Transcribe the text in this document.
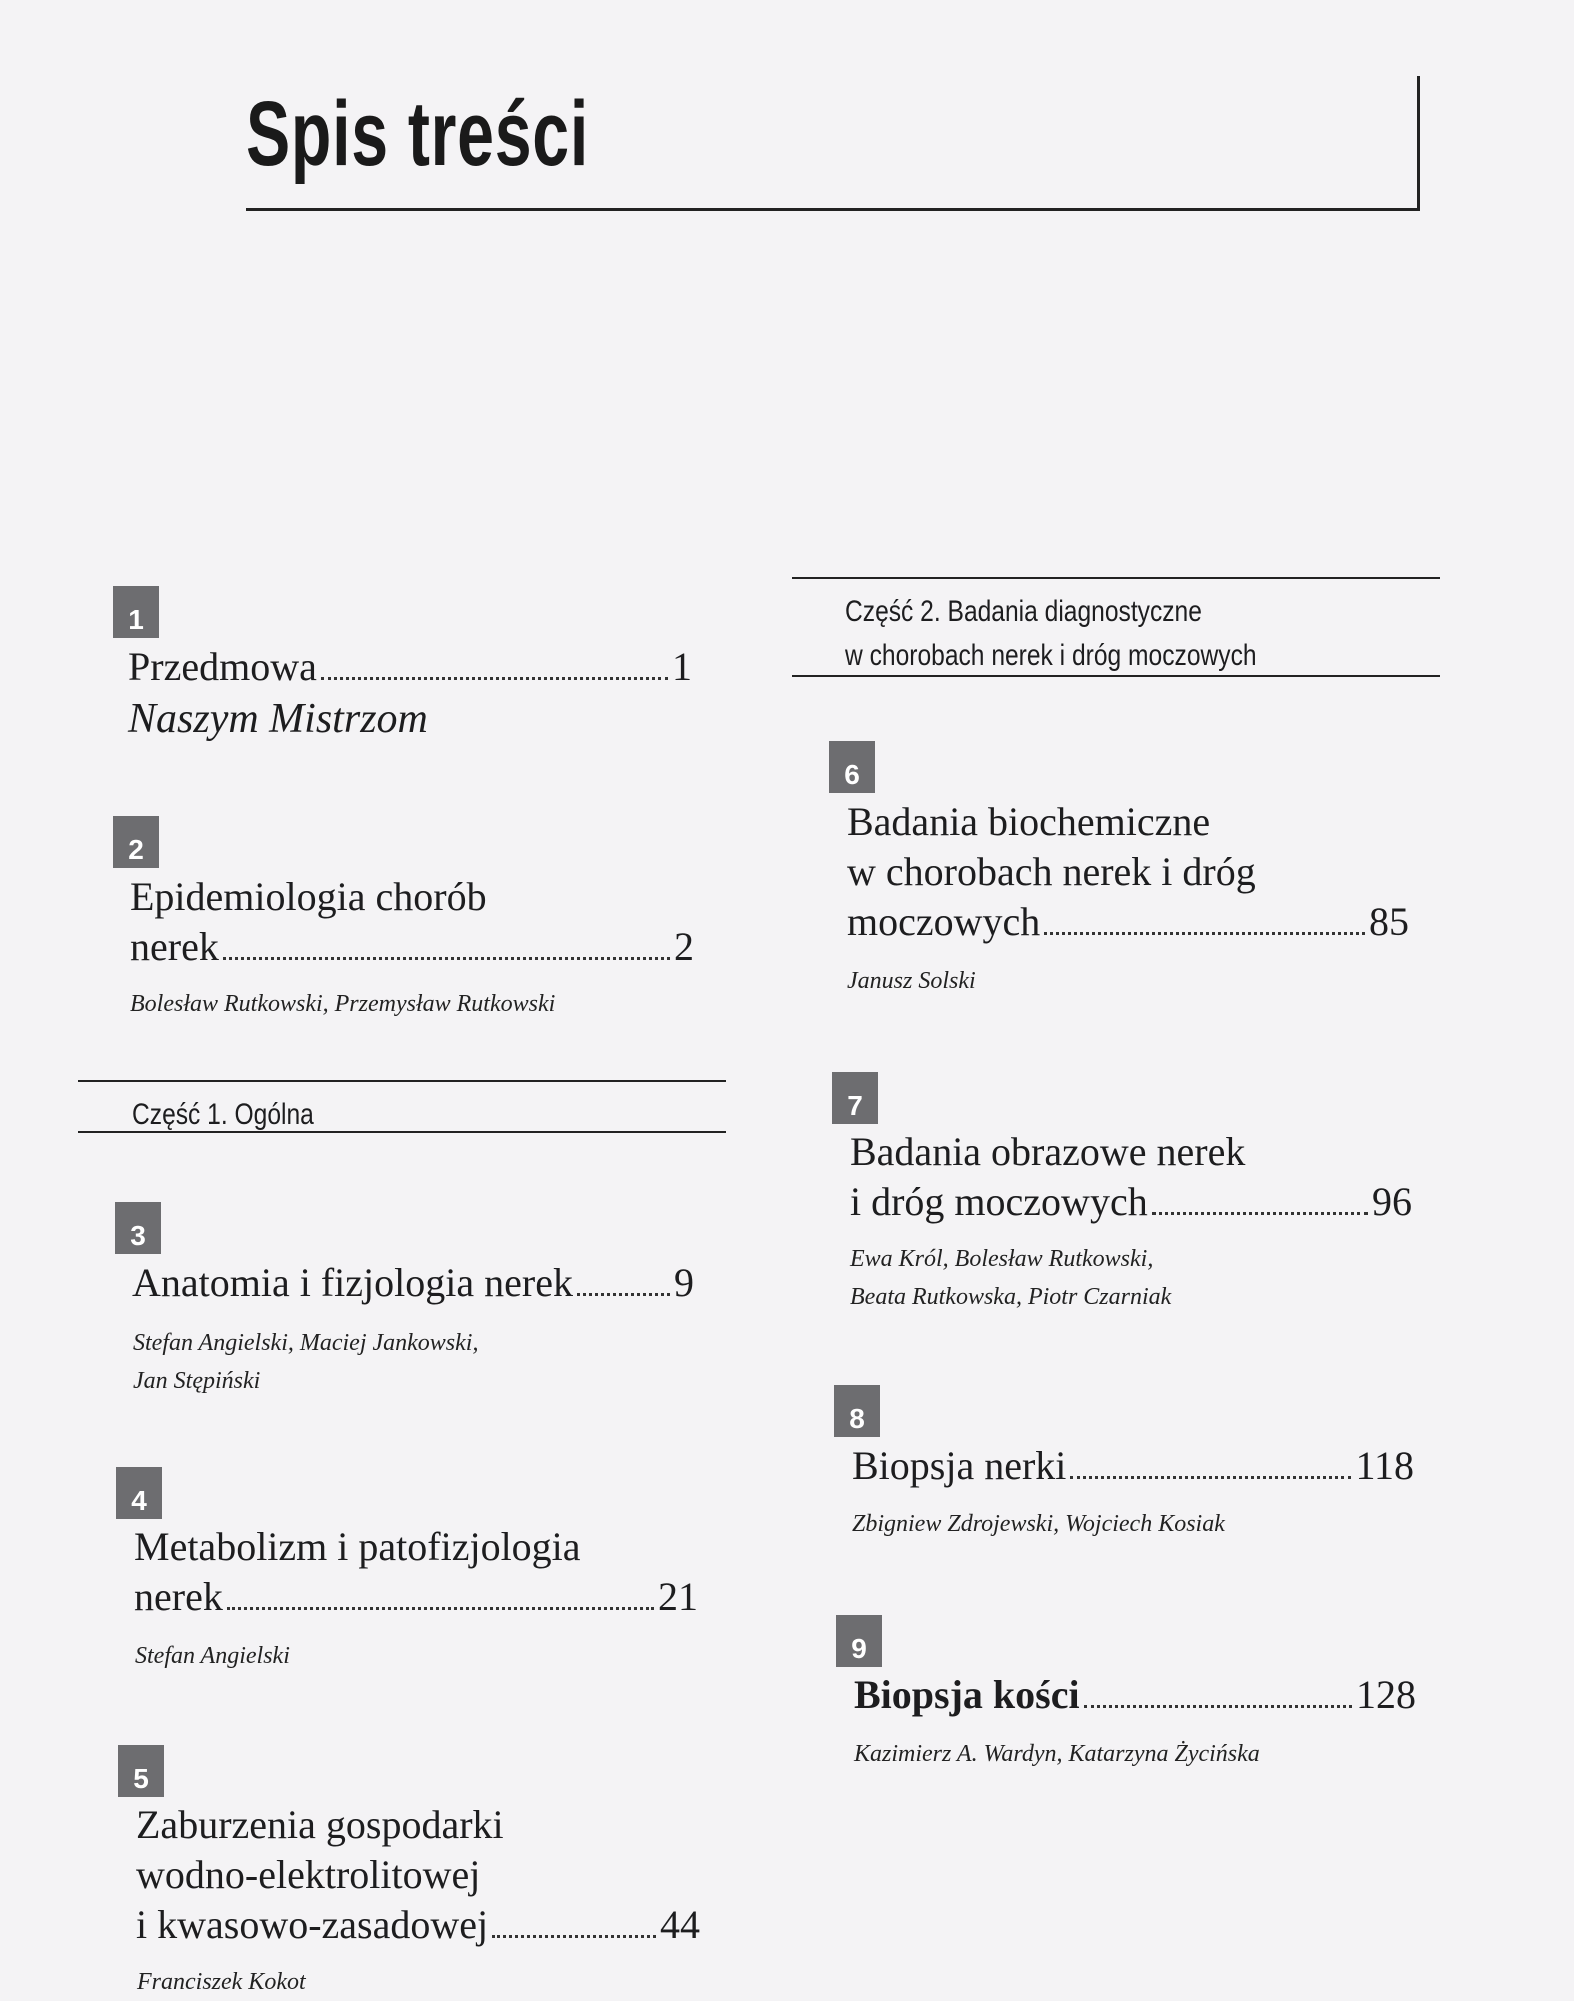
Spis treści
1
Przedmowa	1

Naszym Mistrzom

2
Epidemiologia chorób
nerek	2
Bolesław Rutkowski, Przemysław Rutkowski

Część 1. Ogólna

3
Anatomia i fizjologia nerek	9
Stefan Angielski, Maciej Jankowski,
Jan Stępiński
4
Metabolizm i patofizjologia
nerek	21
Stefan Angielski
5
Zaburzenia gospodarki
wodno-elektrolitowej
i kwasowo-zasadowej	44
Franciszek Kokot

Część 2. Badania diagnostyczne

w chorobach nerek i dróg moczowych

6
Badania biochemiczne
w chorobach nerek i dróg
moczowych	85
Janusz Solski
7
Badania obrazowe nerek
i dróg moczowych	96
Ewa Król, Bolesław Rutkowski,
Beata Rutkowska, Piotr Czarniak
8
Biopsja nerki	118
Zbigniew Zdrojewski, Wojciech Kosiak
9
Biopsja kości	128
Kazimierz A. Wardyn, Katarzyna Życińska
